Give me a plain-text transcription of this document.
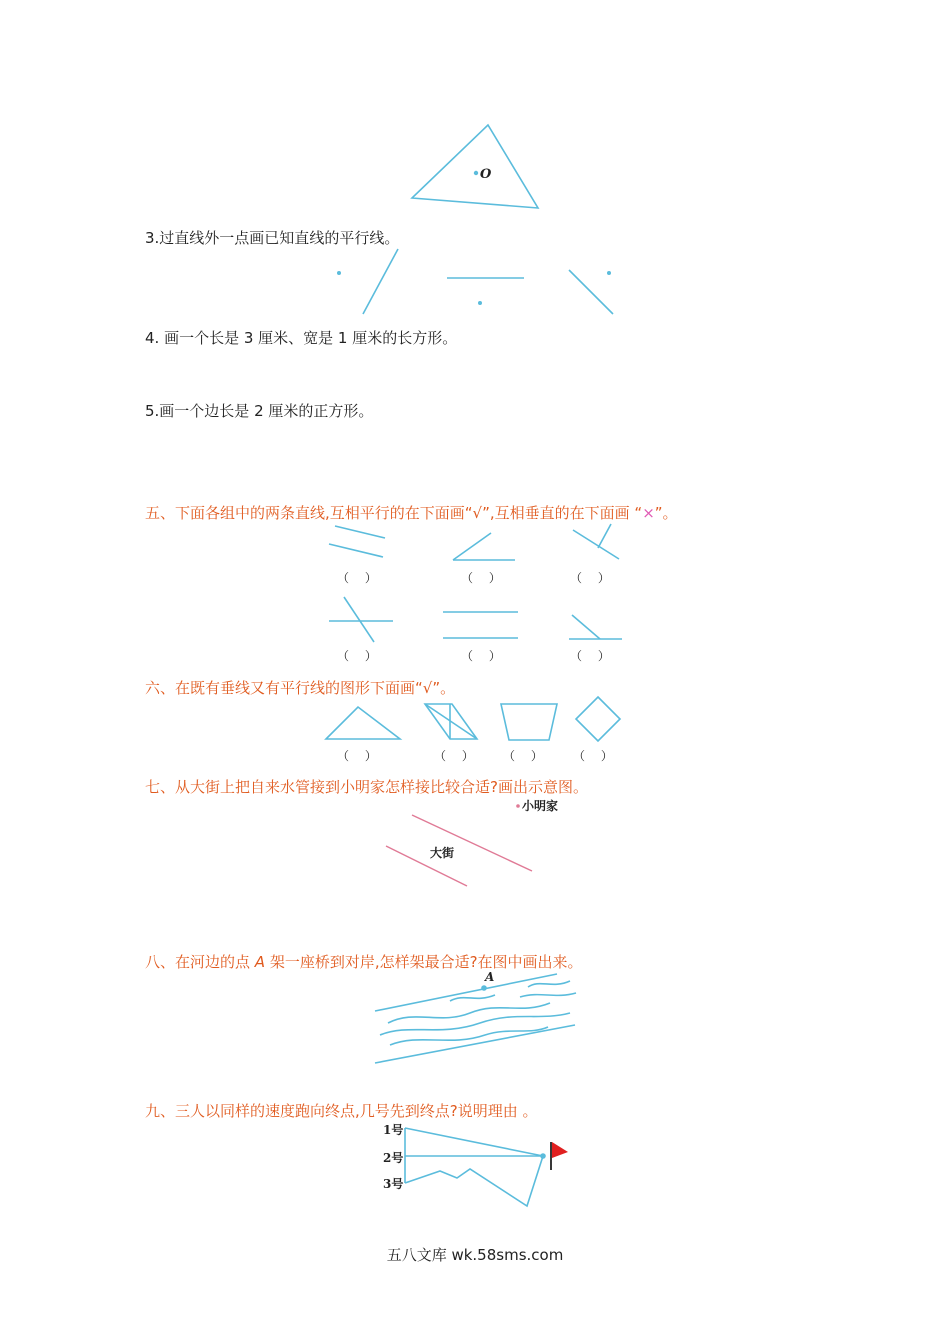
O
3.过直线外一点画已知直线的平行线。
4. 画一个长是 3 厘米、宽是 1 厘米的长方形。
5.画一个边长是 2 厘米的正方形。
五、下面各组中的两条直线,互相平行的在下面画“√”,互相垂直的在下面画 “×”。
（　 ）	（　 ）	（　 ）
（　 ）	（　 ）	（　 ）
六、在既有垂线又有平行线的图形下面画“√”。
（　 ）	（　 ） （　 ）	（　 ）
七、从大街上把自来水管接到小明家怎样接比较合适?画出示意图。
小明家
大街
八、在河边的点 A 架一座桥到对岸,怎样架最合适?在图中画出来。
A
九、三人以同样的速度跑向终点,几号先到终点?说明理由 。
1号
2号
3号
五八文库 wk.58sms.com
